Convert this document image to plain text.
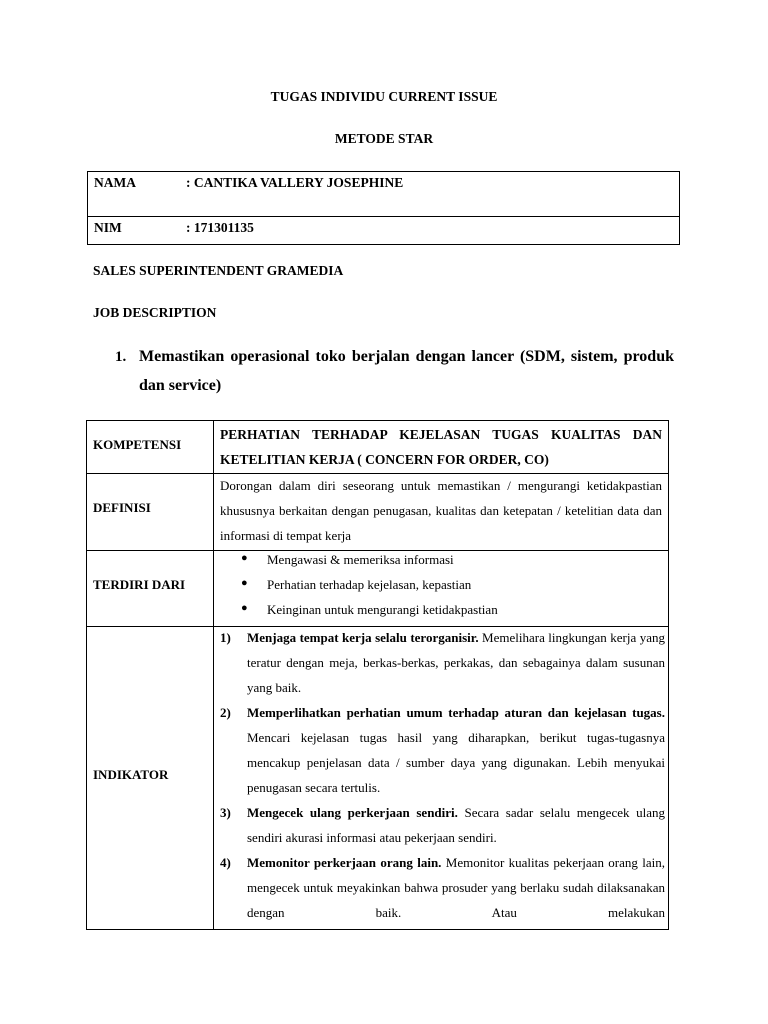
TUGAS INDIVIDU CURRENT ISSUE
METODE STAR
NAMA	: CANTIKA VALLERY JOSEPHINE
NIM	: 171301135
SALES SUPERINTENDENT GRAMEDIA
JOB DESCRIPTION
1. Memastikan operasional toko berjalan dengan lancer (SDM, sistem, produk dan service)
KOMPETENSI
PERHATIAN TERHADAP KEJELASAN TUGAS KUALITAS DAN KETELITIAN KERJA ( CONCERN FOR ORDER, CO)
DEFINISI
Dorongan dalam diri seseorang untuk memastikan / mengurangi ketidakpastian khususnya berkaitan dengan penugasan, kualitas dan ketepatan / ketelitian data dan informasi di tempat kerja
TERDIRI DARI
● Mengawasi & memeriksa informasi
● Perhatian terhadap kejelasan, kepastian
● Keinginan untuk mengurangi ketidakpastian
INDIKATOR
1) Menjaga tempat kerja selalu terorganisir. Memelihara lingkungan kerja yang teratur dengan meja, berkas-berkas, perkakas, dan sebagainya dalam susunan yang baik.
2) Memperlihatkan perhatian umum terhadap aturan dan kejelasan tugas. Mencari kejelasan tugas hasil yang diharapkan, berikut tugas-tugasnya mencakup penjelasan data / sumber daya yang digunakan. Lebih menyukai penugasan secara tertulis.
3) Mengecek ulang perkerjaan sendiri. Secara sadar selalu mengecek ulang sendiri akurasi informasi atau pekerjaan sendiri.
4) Memonitor perkerjaan orang lain. Memonitor kualitas pekerjaan orang lain, mengecek untuk meyakinkan bahwa prosuder yang berlaku sudah dilaksanakan dengan baik. Atau melakukan
